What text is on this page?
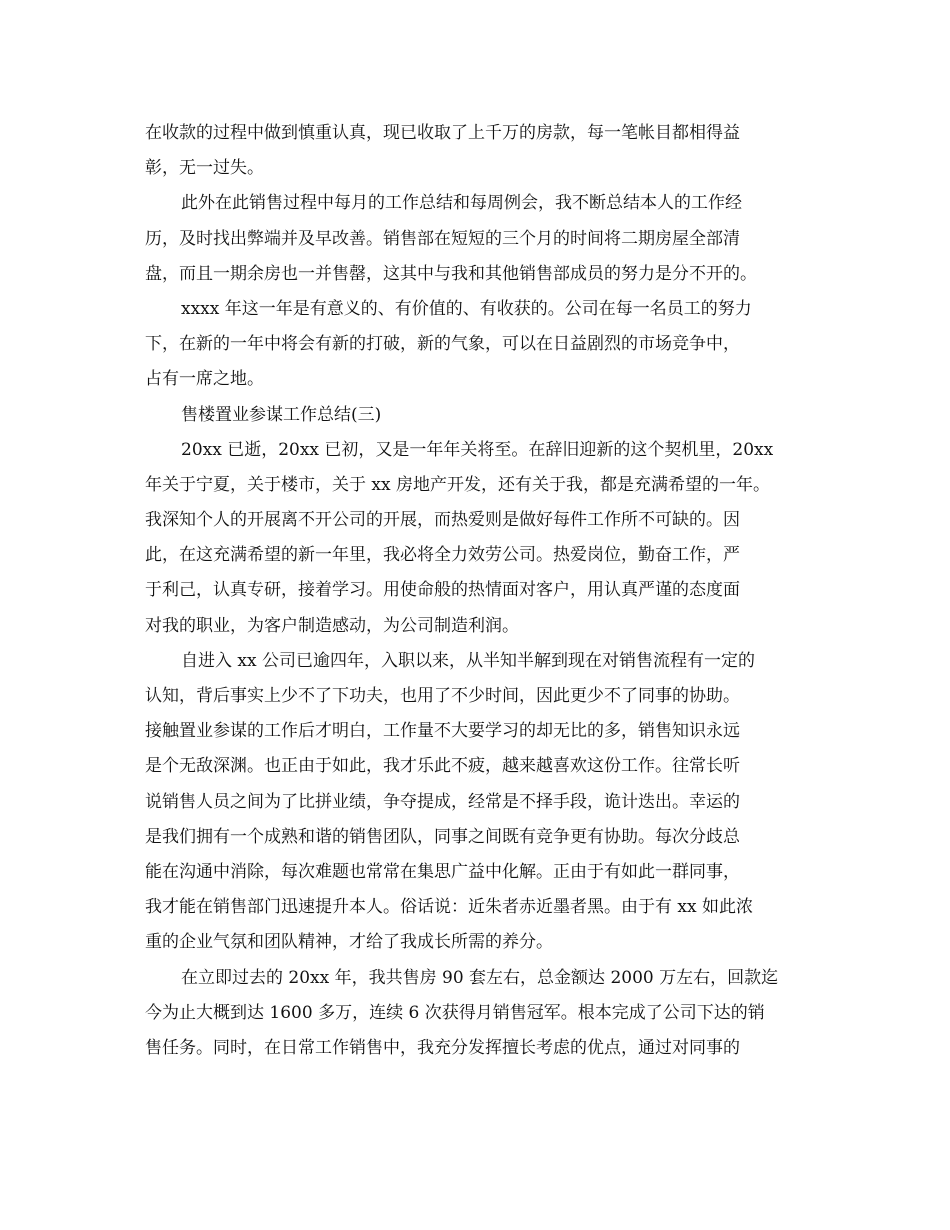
在收款的过程中做到慎重认真，现已收取了上千万的房款，每一笔帐目都相得益
彰，无一过失。
此外在此销售过程中每月的工作总结和每周例会，我不断总结本人的工作经
历，及时找出弊端并及早改善。销售部在短短的三个月的时间将二期房屋全部清
盘，而且一期余房也一并售罄，这其中与我和其他销售部成员的努力是分不开的。
xxxx 年这一年是有意义的、有价值的、有收获的。公司在每一名员工的努力
下，在新的一年中将会有新的打破，新的气象，可以在日益剧烈的市场竞争中，
占有一席之地。
售楼置业参谋工作总结(三)
20xx 已逝，20xx 已初，又是一年年关将至。在辞旧迎新的这个契机里，20xx
年关于宁夏，关于楼市，关于 xx 房地产开发，还有关于我，都是充满希望的一年。
我深知个人的开展离不开公司的开展，而热爱则是做好每件工作所不可缺的。因
此，在这充满希望的新一年里，我必将全力效劳公司。热爱岗位，勤奋工作，严
于利己，认真专研，接着学习。用使命般的热情面对客户，用认真严谨的态度面
对我的职业，为客户制造感动，为公司制造利润。
自进入 xx 公司已逾四年，入职以来，从半知半解到现在对销售流程有一定的
认知，背后事实上少不了下功夫，也用了不少时间，因此更少不了同事的协助。
接触置业参谋的工作后才明白，工作量不大要学习的却无比的多，销售知识永远
是个无敌深渊。也正由于如此，我才乐此不疲，越来越喜欢这份工作。往常长听
说销售人员之间为了比拼业绩，争夺提成，经常是不择手段，诡计迭出。幸运的
是我们拥有一个成熟和谐的销售团队，同事之间既有竞争更有协助。每次分歧总
能在沟通中消除，每次难题也常常在集思广益中化解。正由于有如此一群同事，
我才能在销售部门迅速提升本人。俗话说：近朱者赤近墨者黑。由于有 xx 如此浓
重的企业气氛和团队精神，才给了我成长所需的养分。
在立即过去的 20xx 年，我共售房 90 套左右，总金额达 2000 万左右，回款迄
今为止大概到达 1600 多万，连续 6 次获得月销售冠军。根本完成了公司下达的销
售任务。同时，在日常工作销售中，我充分发挥擅长考虑的优点，通过对同事的
